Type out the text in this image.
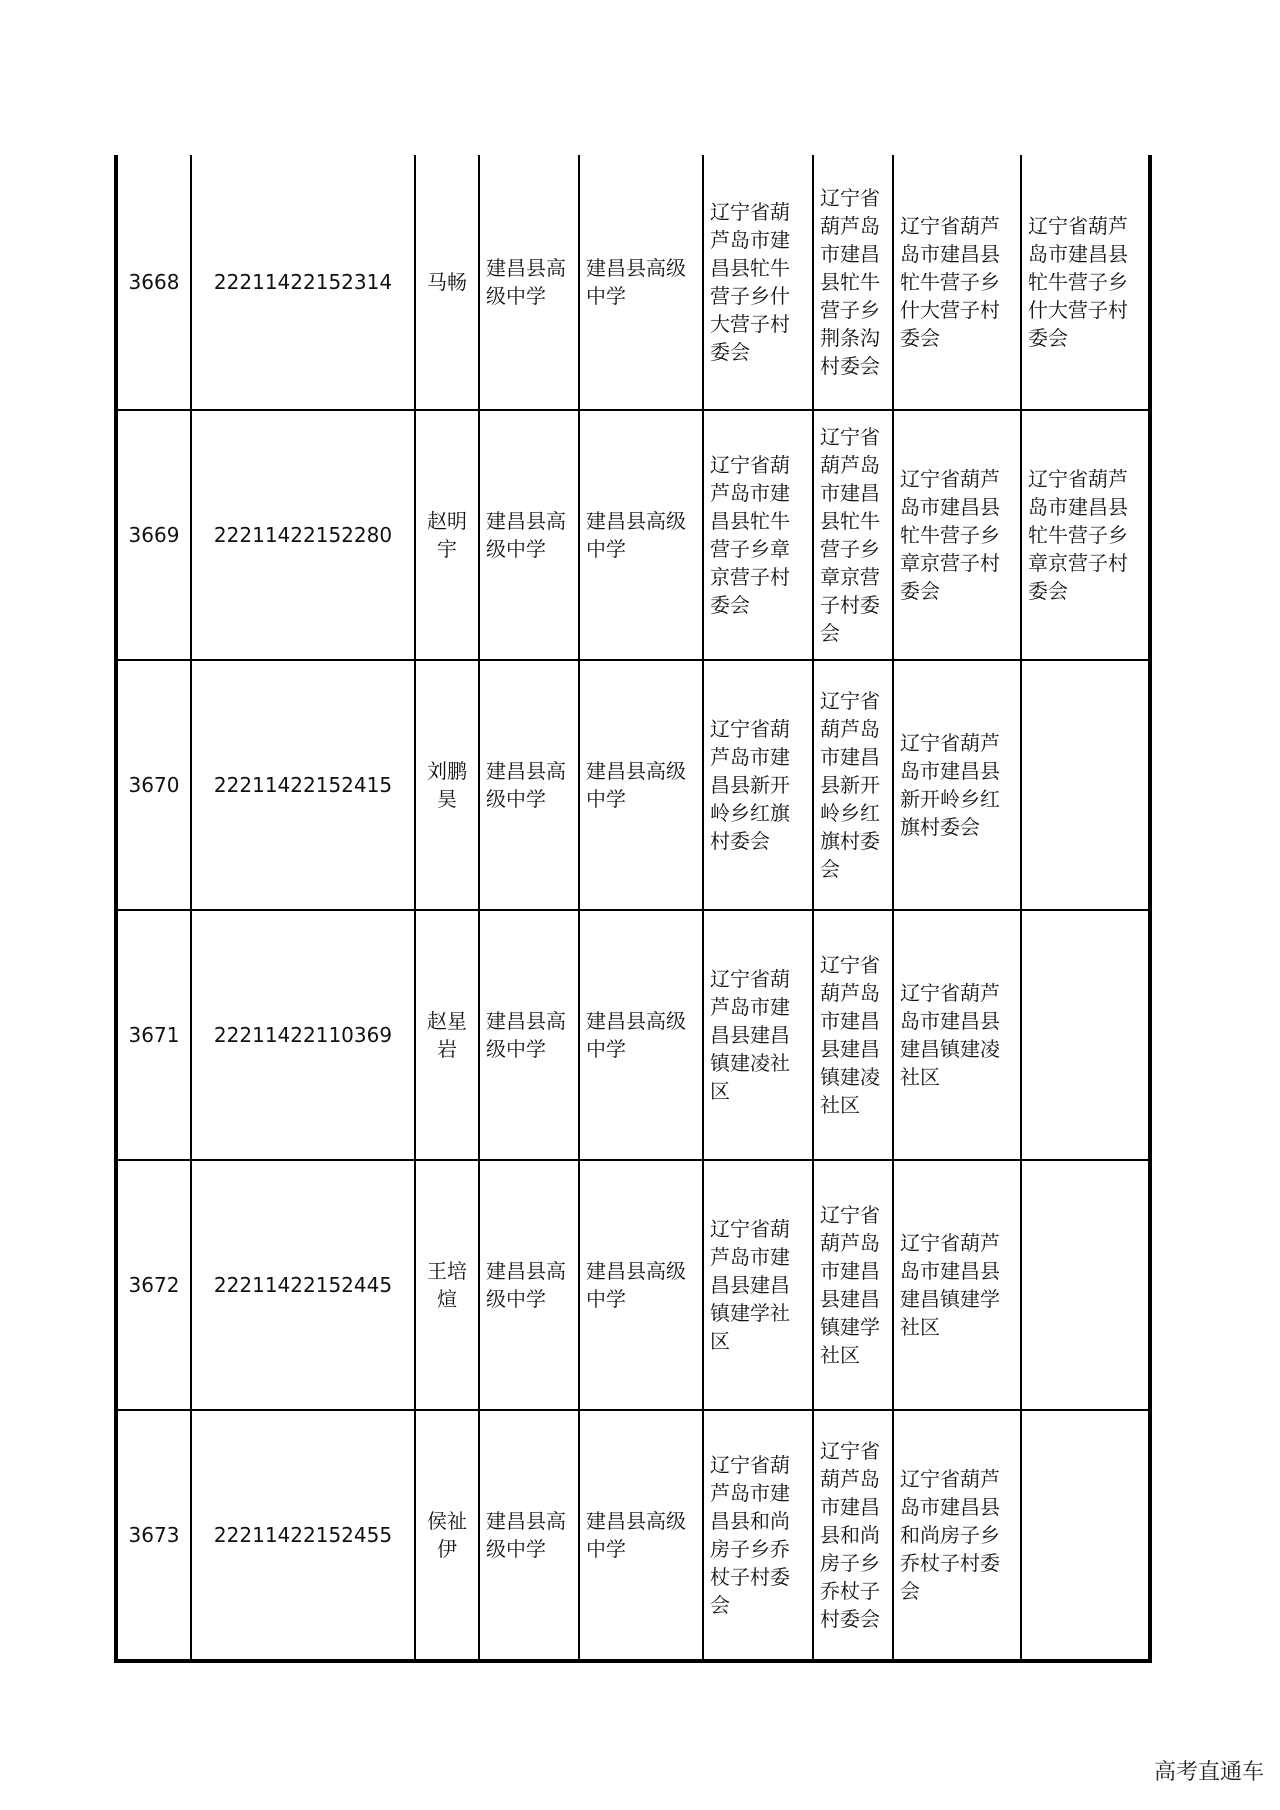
3668	22211422152314	马畅	建昌县高级中学	建昌县高级中学	辽宁省葫芦岛市建昌县牤牛营子乡什大营子村委会	辽宁省葫芦岛市建昌县牤牛营子乡荆条沟村委会	辽宁省葫芦岛市建昌县牤牛营子乡什大营子村委会	辽宁省葫芦岛市建昌县牤牛营子乡什大营子村委会
3669	22211422152280	赵明宇	建昌县高级中学	建昌县高级中学	辽宁省葫芦岛市建昌县牤牛营子乡章京营子村委会	辽宁省葫芦岛市建昌县牤牛营子乡章京营子村委会	辽宁省葫芦岛市建昌县牤牛营子乡章京营子村委会	辽宁省葫芦岛市建昌县牤牛营子乡章京营子村委会
3670	22211422152415	刘鹏昊	建昌县高级中学	建昌县高级中学	辽宁省葫芦岛市建昌县新开岭乡红旗村委会	辽宁省葫芦岛市建昌县新开岭乡红旗村委会	辽宁省葫芦岛市建昌县新开岭乡红旗村委会	
3671	22211422110369	赵星岩	建昌县高级中学	建昌县高级中学	辽宁省葫芦岛市建昌县建昌镇建凌社区	辽宁省葫芦岛市建昌县建昌镇建凌社区	辽宁省葫芦岛市建昌县建昌镇建凌社区	
3672	22211422152445	王培煊	建昌县高级中学	建昌县高级中学	辽宁省葫芦岛市建昌县建昌镇建学社区	辽宁省葫芦岛市建昌县建昌镇建学社区	辽宁省葫芦岛市建昌县建昌镇建学社区	
3673	22211422152455	侯祉伊	建昌县高级中学	建昌县高级中学	辽宁省葫芦岛市建昌县和尚房子乡乔杖子村委会	辽宁省葫芦岛市建昌县和尚房子乡乔杖子村委会	辽宁省葫芦岛市建昌县和尚房子乡乔杖子村委会	
高考直通车
